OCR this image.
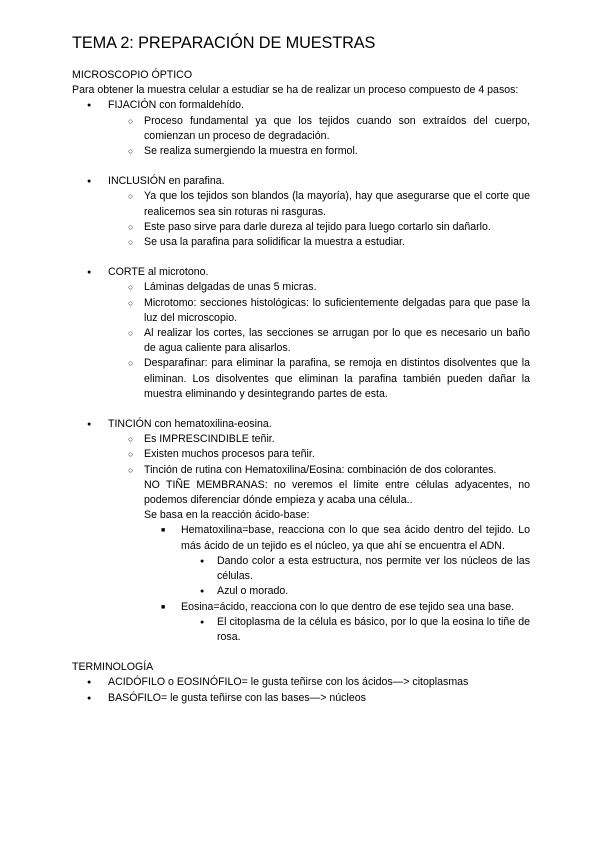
TEMA 2: PREPARACIÓN DE MUESTRAS
MICROSCOPIO ÓPTICO
Para obtener la muestra celular a estudiar se ha de realizar un proceso compuesto de 4 pasos:
● FIJACIÓN con formaldehído.
○ Proceso fundamental ya que los tejidos cuando son extraídos del cuerpo, comienzan un proceso de degradación.
○ Se realiza sumergiendo la muestra en formol.
● INCLUSIÓN en parafina.
○ Ya que los tejidos son blandos (la mayoría), hay que asegurarse que el corte que realicemos sea sin roturas ni rasguras.
○ Este paso sirve para darle dureza al tejido para luego cortarlo sin dañarlo.
○ Se usa la parafina para solidificar la muestra a estudiar.
● CORTE al microtono.
○ Láminas delgadas de unas 5 micras.
○ Microtomo: secciones histológicas: lo suficientemente delgadas para que pase la luz del microscopio.
○ Al realizar los cortes, las secciones se arrugan por lo que es necesario un baño de agua caliente para alisarlos.
○ Desparafinar: para eliminar la parafina, se remoja en distintos disolventes que la eliminan. Los disolventes que eliminan la parafina también pueden dañar la muestra eliminando y desintegrando partes de esta.
● TINCIÓN con hematoxilina-eosina.
○ Es IMPRESCINDIBLE teñir.
○ Existen muchos procesos para teñir.
○ Tinción de rutina con Hematoxilina/Eosina: combinación de dos colorantes.
NO TIÑE MEMBRANAS: no veremos el límite entre células adyacentes, no podemos diferenciar dónde empieza y acaba una célula..
Se basa en la reacción ácido-base:
■ Hematoxilina=base, reacciona con lo que sea ácido dentro del tejido. Lo más ácido de un tejido es el núcleo, ya que ahí se encuentra el ADN.
● Dando color a esta estructura, nos permite ver los núcleos de las células.
● Azul o morado.
■ Eosina=ácido, reacciona con lo que dentro de ese tejido sea una base.
● El citoplasma de la célula es básico, por lo que la eosina lo tiñe de rosa.
TERMINOLOGÍA
● ACIDÓFILO o EOSINÓFILO= le gusta teñirse con los ácidos—> citoplasmas
● BASÓFILO= le gusta teñirse con las bases—> núcleos
